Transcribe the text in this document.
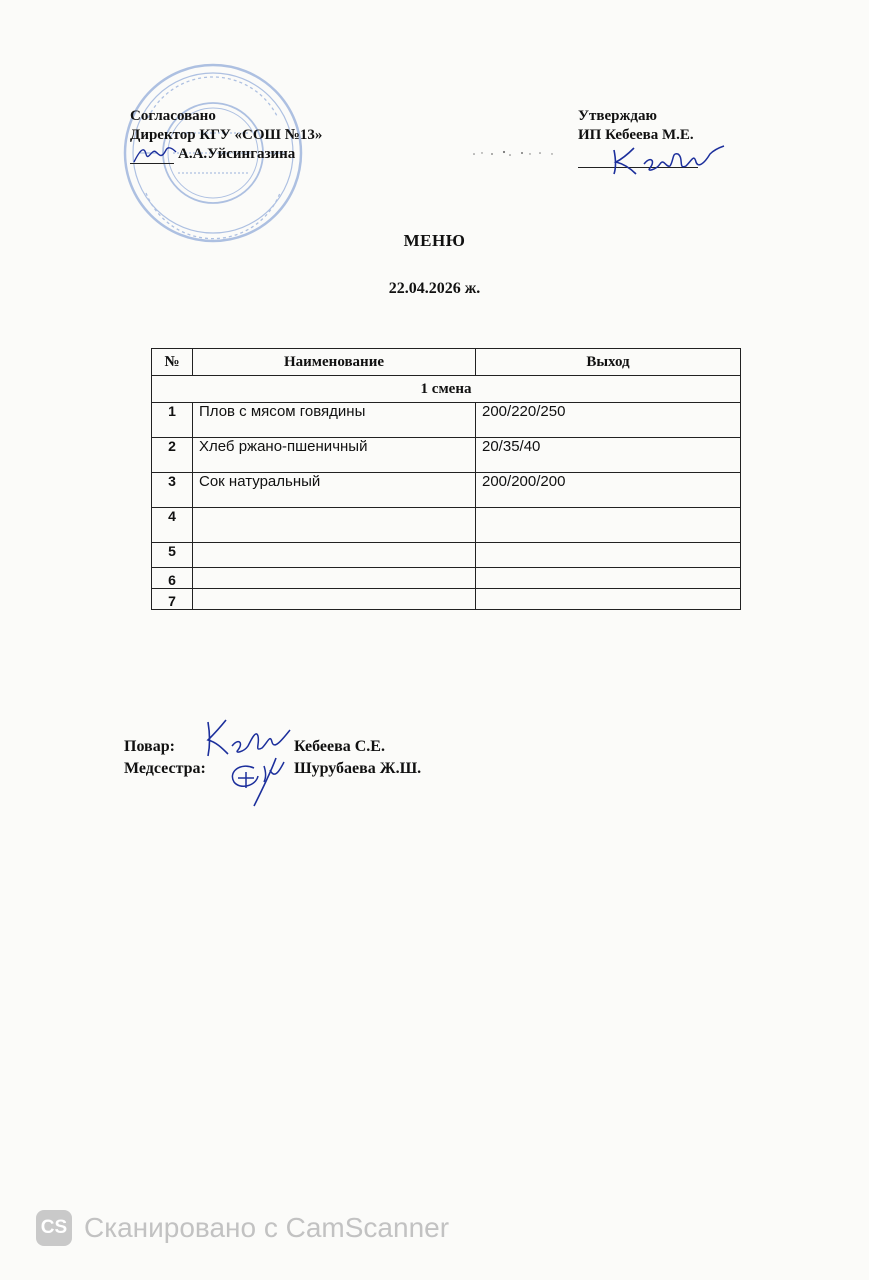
Согласовано
Директор КГУ «СОШ №13»
А.А.Уйсингазина
Утверждаю
ИП Кебеева М.Е.
МЕНЮ
22.04.2026 ж.
№	Наименование	Выход
1 смена		
1	Плов с мясом говядины	200/220/250
2	Хлеб ржано-пшеничный	20/35/40
3	Сок натуральный	200/200/200
4		
5		
6		
7		
Повар:	Кебеева С.Е.
Медсестра:	Шурубаева Ж.Ш.
CS Сканировано с CamScanner
